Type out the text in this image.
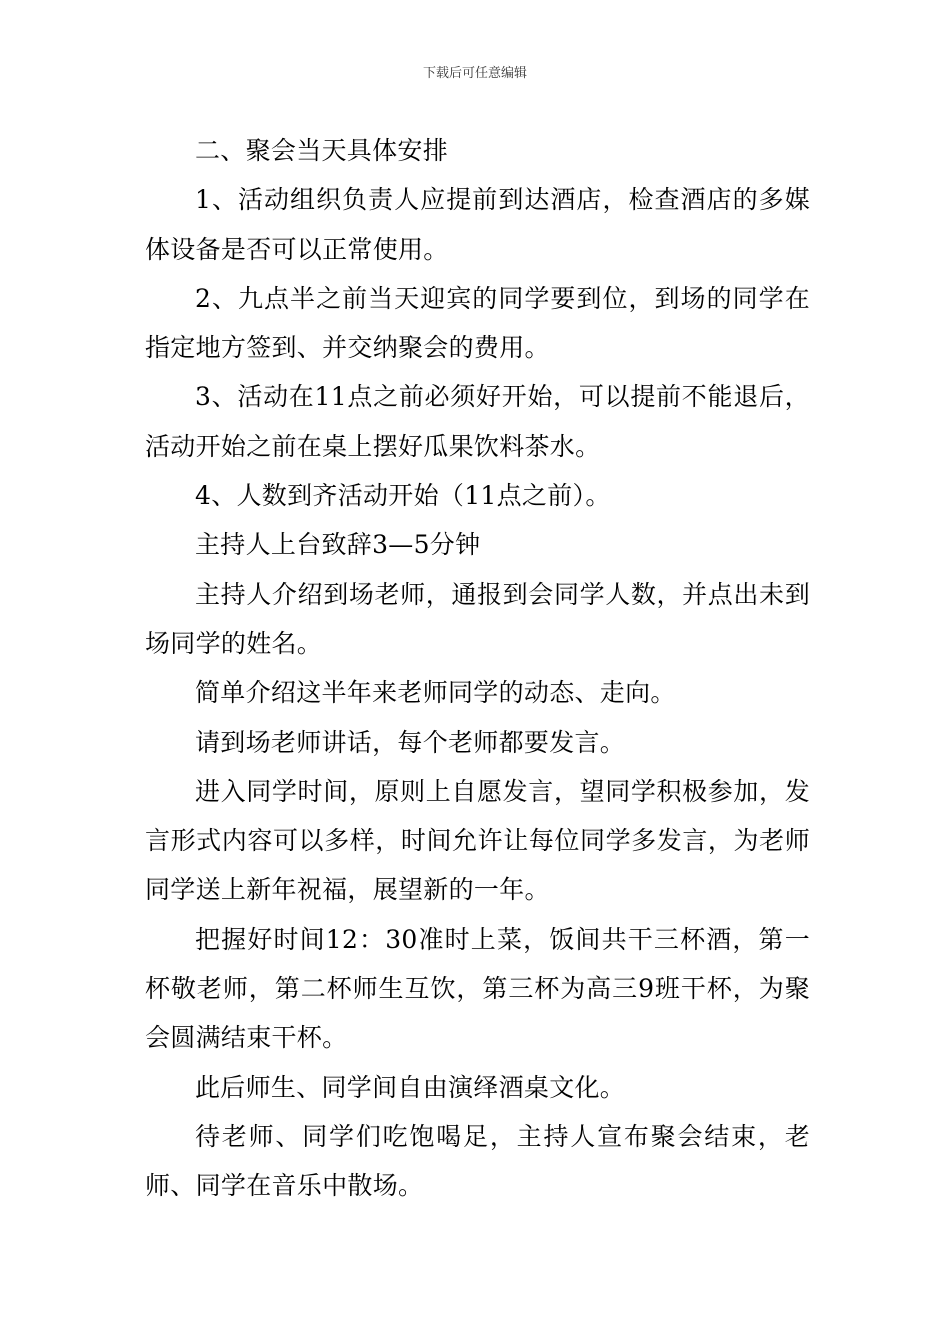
下载后可任意编辑

二、聚会当天具体安排

1、活动组织负责人应提前到达酒店，检查酒店的多媒体设备是否可以正常使用。

2、九点半之前当天迎宾的同学要到位，到场的同学在指定地方签到、并交纳聚会的费用。

3、活动在11点之前必须好开始，可以提前不能退后，活动开始之前在桌上摆好瓜果饮料茶水。

4、人数到齐活动开始（11点之前）。

主持人上台致辞3—5分钟

主持人介绍到场老师，通报到会同学人数，并点出未到场同学的姓名。

简单介绍这半年来老师同学的动态、走向。

请到场老师讲话，每个老师都要发言。

进入同学时间，原则上自愿发言，望同学积极参加，发言形式内容可以多样，时间允许让每位同学多发言，为老师同学送上新年祝福，展望新的一年。

把握好时间12：30准时上菜，饭间共干三杯酒，第一杯敬老师，第二杯师生互饮，第三杯为高三9班干杯，为聚会圆满结束干杯。

此后师生、同学间自由演绎酒桌文化。

待老师、同学们吃饱喝足，主持人宣布聚会结束，老师、同学在音乐中散场。
